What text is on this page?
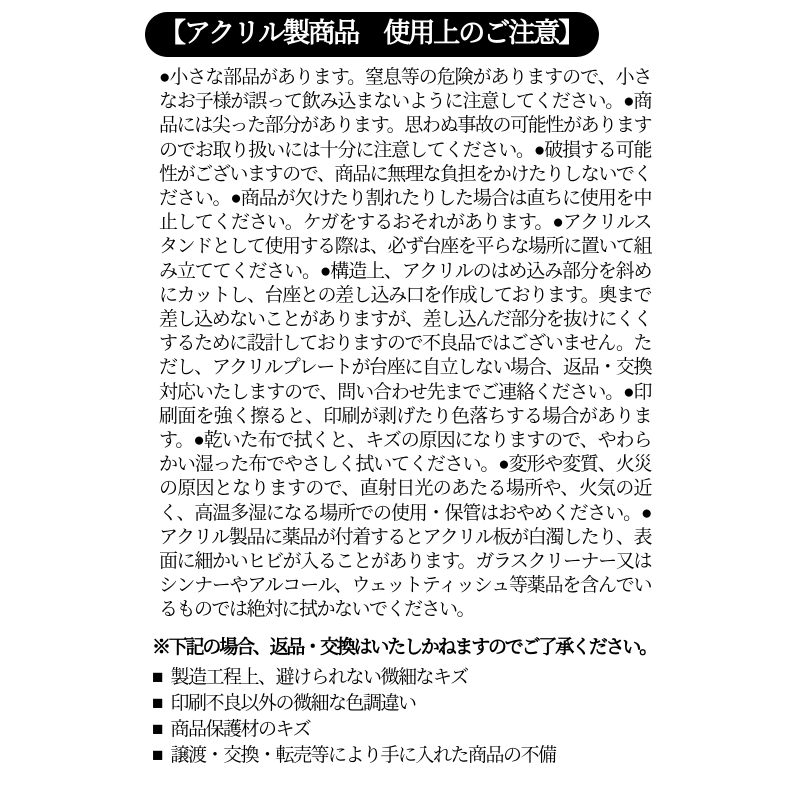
【アクリル製商品　使用上のご注意】

●小さな部品があります。窒息等の危険がありますので、小さなお子様が誤って飲み込まないように注意してください。●商品には尖った部分があります。思わぬ事故の可能性がありますのでお取り扱いには十分に注意してください。●破損する可能性がございますので、商品に無理な負担をかけたりしないでください。●商品が欠けたり割れたりした場合は直ちに使用を中止してください。ケガをするおそれがあります。●アクリルスタンドとして使用する際は、必ず台座を平らな場所に置いて組み立ててください。●構造上、アクリルのはめ込み部分を斜めにカットし、台座との差し込み口を作成しております。奥まで差し込めないことがありますが、差し込んだ部分を抜けにくくするために設計しておりますので不良品ではございません。ただし、アクリルプレートが台座に自立しない場合、返品・交換対応いたしますので、問い合わせ先までご連絡ください。●印刷面を強く擦ると、印刷が剥げたり色落ちする場合があります。●乾いた布で拭くと、キズの原因になりますので、やわらかい湿った布でやさしく拭いてください。●変形や変質、火災の原因となりますので、直射日光のあたる場所や、火気の近く、高温多湿になる場所での使用・保管はおやめください。●アクリル製品に薬品が付着するとアクリル板が白濁したり、表面に細かいヒビが入ることがあります。ガラスクリーナー又はシンナーやアルコール、ウェットティッシュ等薬品を含んでいるものでは絶対に拭かないでください。

※下記の場合、返品・交換はいたしかねますのでご了承ください。
■ 製造工程上、避けられない微細なキズ
■ 印刷不良以外の微細な色調違い
■ 商品保護材のキズ
■ 譲渡・交換・転売等により手に入れた商品の不備
